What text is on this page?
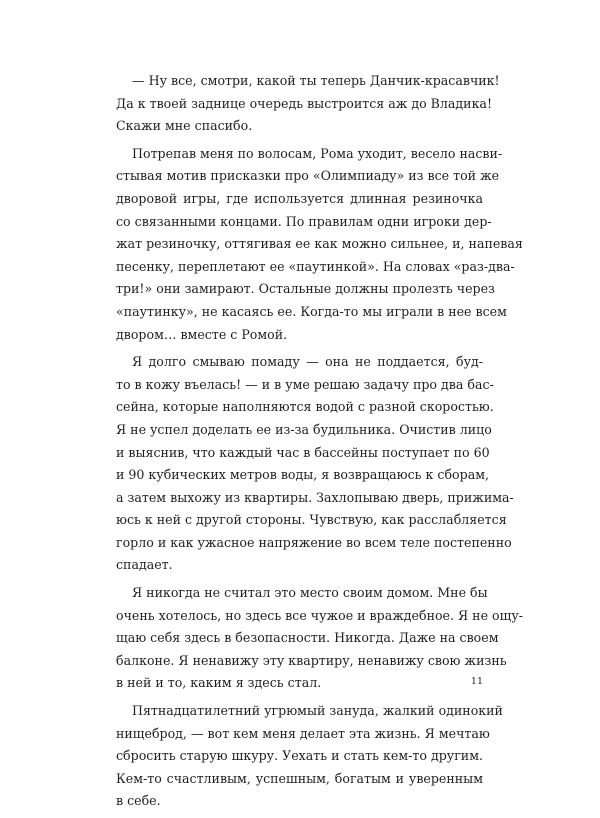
— Ну все, смотри, какой ты теперь Данчик-красавчик!
Да к твоей заднице очередь выстроится аж до Владика!
Скажи мне спасибо.
Потрепав меня по волосам, Рома уходит, весело насви-
стывая мотив присказки про «Олимпиаду» из все той же
дворовой игры, где используется длинная резиночка
со связанными концами. По правилам одни игроки дер-
жат резиночку, оттягивая ее как можно сильнее, и, напевая
песенку, переплетают ее «паутинкой». На словах «раз-два-
три!» они замирают. Остальные должны пролезть через
«паутинку», не касаясь ее. Когда-то мы играли в нее всем
двором… вместе с Ромой.
Я долго смываю помаду — она не поддается, буд-
то в кожу въелась! — и в уме решаю задачу про два бас-
сейна, которые наполняются водой с разной скоростью.
Я не успел доделать ее из-за будильника. Очистив лицо
и выяснив, что каждый час в бассейны поступает по 60
и 90 кубических метров воды, я возвращаюсь к сборам,
а затем выхожу из квартиры. Захлопываю дверь, прижима-
юсь к ней с другой стороны. Чувствую, как расслабляется
горло и как ужасное напряжение во всем теле постепенно
спадает.
Я никогда не считал это место своим домом. Мне бы
очень хотелось, но здесь все чужое и враждебное. Я не ощу-
щаю себя здесь в безопасности. Никогда. Даже на своем
балконе. Я ненавижу эту квартиру, ненавижу свою жизнь
в ней и то, каким я здесь стал.
Пятнадцатилетний угрюмый зануда, жалкий одинокий
нищеброд, — вот кем меня делает эта жизнь. Я мечтаю
сбросить старую шкуру. Уехать и стать кем-то другим.
Кем-то счастливым, успешным, богатым и уверенным
в себе.
11
